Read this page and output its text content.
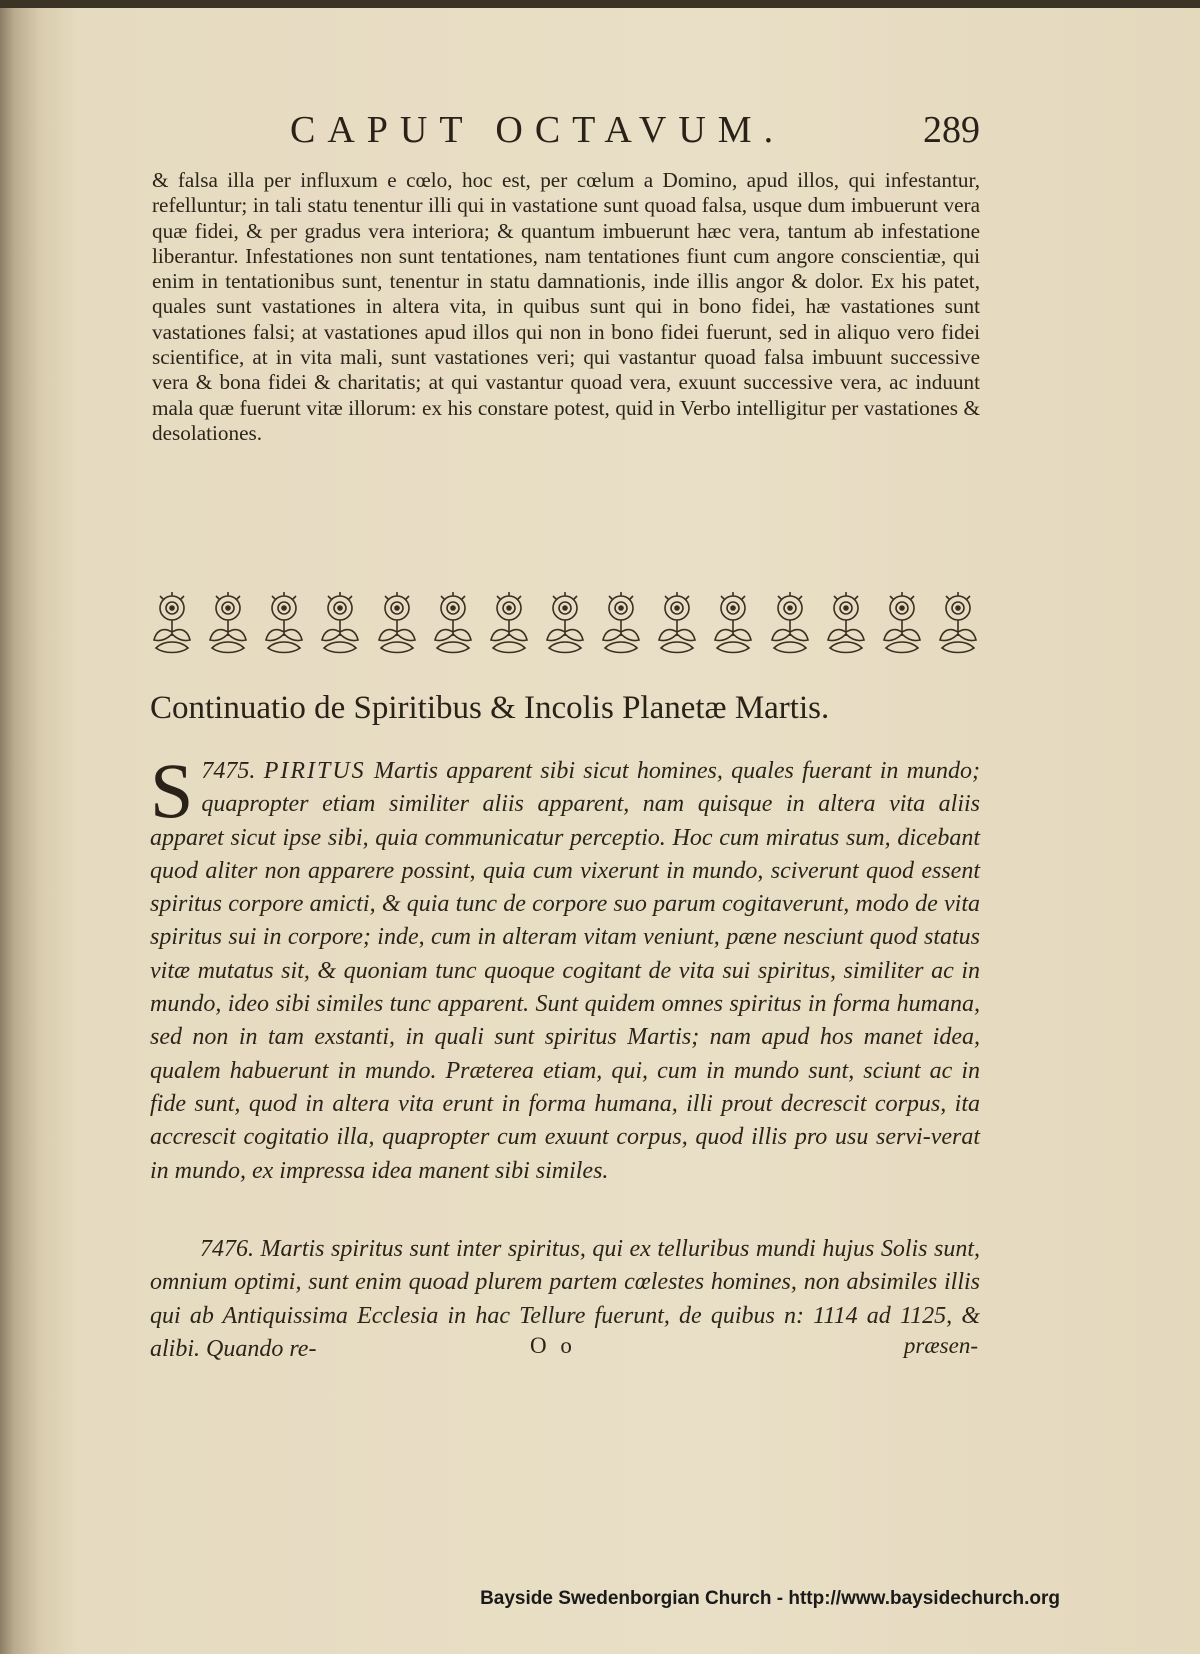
CAPUT OCTAVUM.	289

& falsa illa per influxum e cœlo, hoc est, per cœlum a Domino, apud illos, qui infestantur, refelluntur; in tali statu tenentur illi qui in vastatione sunt quoad falsa, usque dum imbuerunt vera quæ fidei, & per gradus vera interiora; & quantum imbuerunt hæc vera, tantum ab infestatione liberantur. Infestationes non sunt tentationes, nam tentationes fiunt cum angore conscientiæ, qui enim in tentationibus sunt, tenentur in statu damnationis, inde illis angor & dolor. Ex his patet, quales sunt vastationes in altera vita, in quibus sunt qui in bono fidei, hæ vastationes sunt vastationes falsi; at vastationes apud illos qui non in bono fidei fuerunt, sed in aliquo vero fidei scientifice, at in vita mali, sunt vastationes veri; qui vastantur quoad falsa imbuunt successive vera & bona fidei & charitatis; at qui vastantur quoad vera, exuunt successive vera, ac induunt mala quæ fuerunt vitæ illorum: ex his constare potest, quid in Verbo intelligitur per vastationes & desolationes.

Continuatio de Spiritibus & Incolis Planetæ Martis.

7475.
S	PIRITUS Martis apparent sibi sicut homines, quales fuerant in mundo; quapropter etiam similiter aliis apparent, nam quisque in altera vita aliis apparet sicut ipse sibi, quia communicatur perceptio. Hoc cum miratus sum, dicebant quod aliter non apparere possint, quia cum vixerunt in mundo, sciverunt quod essent spiritus corpore amicti, & quia tunc de corpore suo parum cogitaverunt, modo de vita spiritus sui in corpore; inde, cum in alteram vitam veniunt, pæne nesciunt quod status vitæ mutatus sit, & quoniam tunc quoque cogitant de vita sui spiritus, similiter ac in mundo, ideo sibi similes tunc apparent. Sunt quidem omnes spiritus in forma humana, sed non in tam exstanti, in quali sunt spiritus Martis; nam apud hos manet idea, qualem habuerunt in mundo. Præterea etiam, qui, cum in mundo sunt, sciunt ac in fide sunt, quod in altera vita erunt in forma humana, illi prout decrescit corpus, ita accrescit cogitatio illa, quapropter cum exuunt corpus, quod illis pro usu servi-verat in mundo, ex impressa idea manent sibi similes.

7476. Martis spiritus sunt inter spiritus, qui ex telluribus mundi hujus Solis sunt, omnium optimi, sunt enim quoad plurem partem cœlestes homines, non absimiles illis qui ab Antiquissima Ecclesia in hac Tellure fuerunt, de quibus n: 1114 ad 1125, & alibi. Quando re-	O o	præsen-
Bayside Swedenborgian Church - http://www.baysidechurch.org
